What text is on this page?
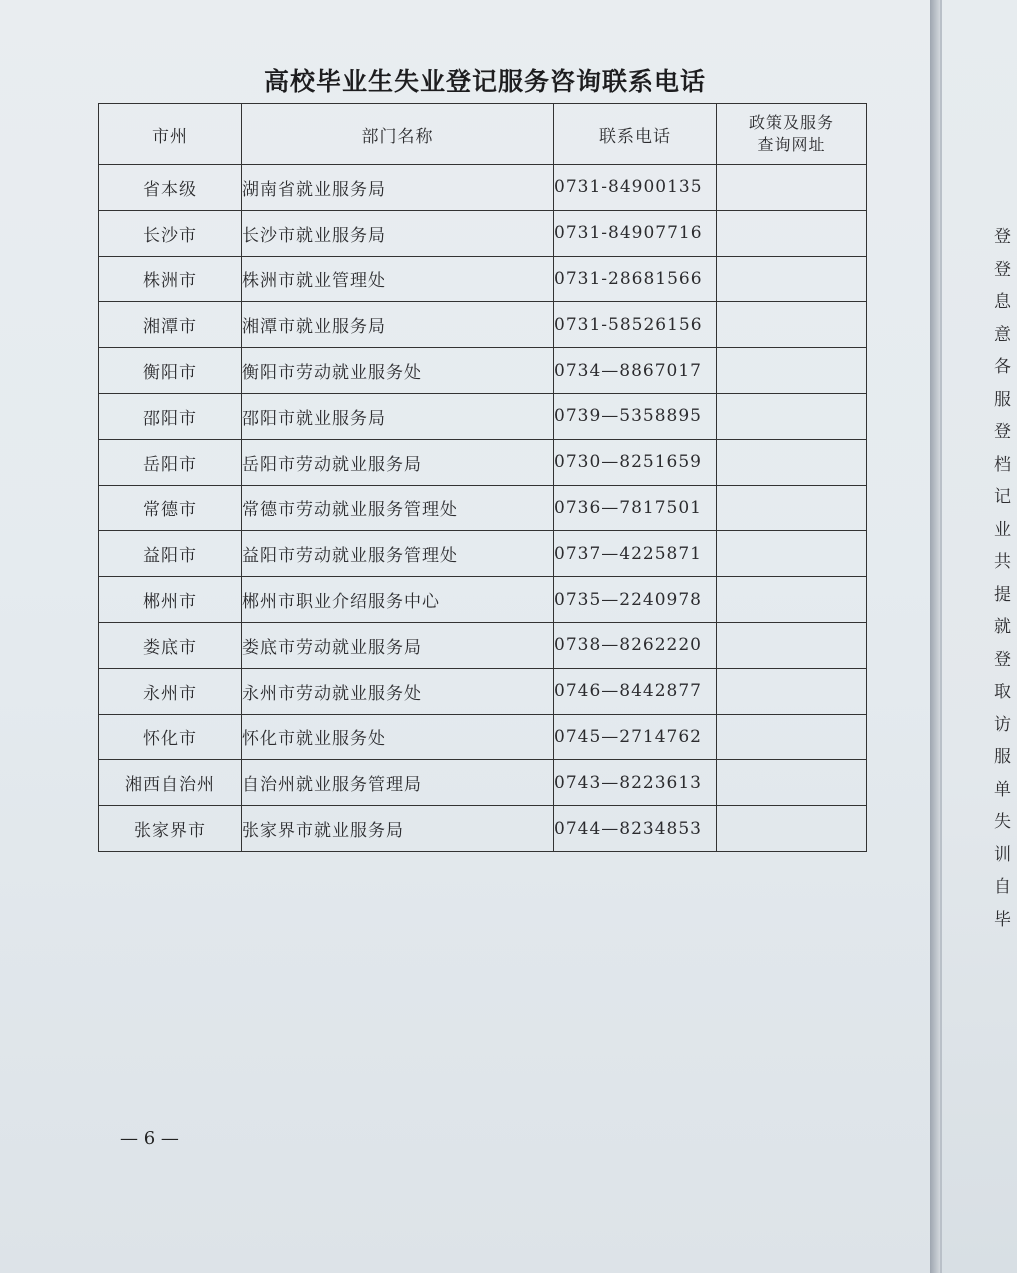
高校毕业生失业登记服务咨询联系电话
市州	部门名称	联系电话	政策及服务
查询网址
省本级	湖南省就业服务局	0731-84900135	
长沙市	长沙市就业服务局	0731-84907716	
株洲市	株洲市就业管理处	0731-28681566	
湘潭市	湘潭市就业服务局	0731-58526156	
衡阳市	衡阳市劳动就业服务处	0734—8867017	
邵阳市	邵阳市就业服务局	0739—5358895	
岳阳市	岳阳市劳动就业服务局	0730—8251659	
常德市	常德市劳动就业服务管理处	0736—7817501	
益阳市	益阳市劳动就业服务管理处	0737—4225871	
郴州市	郴州市职业介绍服务中心	0735—2240978	
娄底市	娄底市劳动就业服务局	0738—8262220	
永州市	永州市劳动就业服务处	0746—8442877	
怀化市	怀化市就业服务处	0745—2714762	
湘西自治州	自治州就业服务管理局	0743—8223613	
张家界市	张家界市就业服务局	0744—8234853	
— 6 —
登
登
息
意
各
服
登
档
记
业
共
提
就
登
取
访
服
单
失
训
自
毕
